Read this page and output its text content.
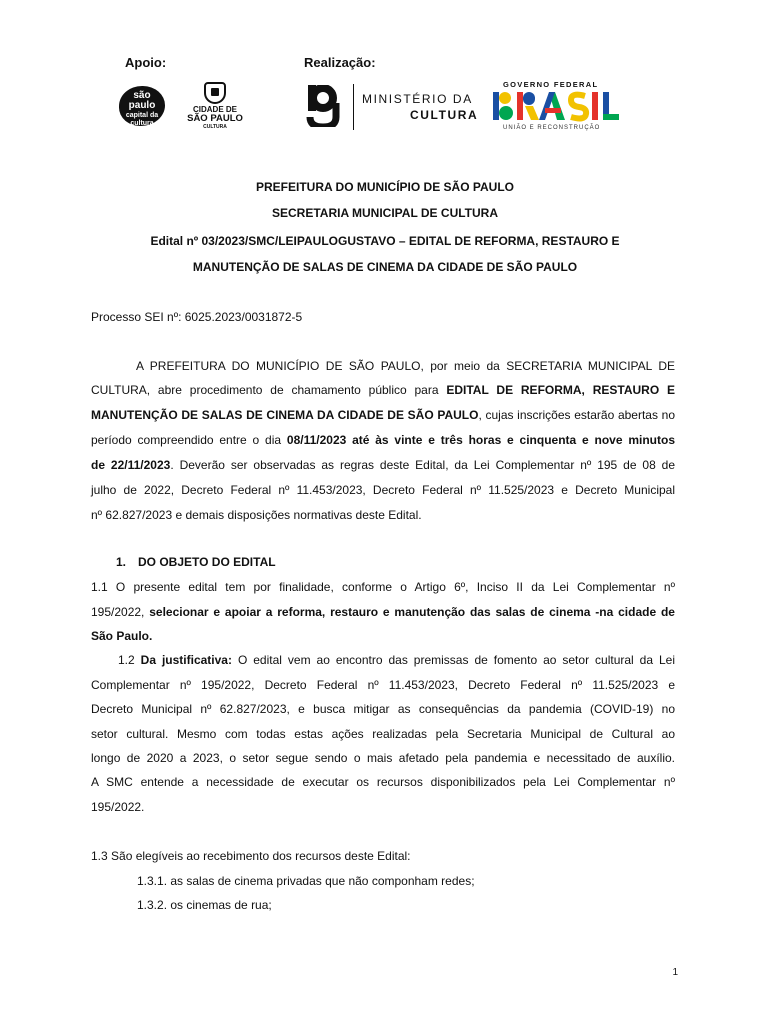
Apoio:	Realização:
são paulo
capital da
cultura
CIDADE DE
SÃO PAULO
CULTURA
MINISTÉRIO DA
CULTURA
GOVERNO FEDERAL
UNIÃO E RECONSTRUÇÃO
PREFEITURA DO MUNICÍPIO DE SÃO PAULO
SECRETARIA MUNICIPAL DE CULTURA
Edital nº 03/2023/SMC/LEIPAULOGUSTAVO – EDITAL DE REFORMA, RESTAURO E
MANUTENÇÃO DE SALAS DE CINEMA DA CIDADE DE SÃO PAULO
Processo SEI nº: 6025.2023/0031872-5
A PREFEITURA DO MUNICÍPIO DE SÃO PAULO, por meio da SECRETARIA MUNICIPAL DE
CULTURA, abre procedimento de chamamento público para EDITAL DE REFORMA, RESTAURO E
MANUTENÇÃO DE SALAS DE CINEMA DA CIDADE DE SÃO PAULO, cujas inscrições estarão abertas no
período compreendido entre o dia 08/11/2023 até às vinte e três horas e cinquenta e nove minutos
de 22/11/2023. Deverão ser observadas as regras deste Edital, da Lei Complementar nº 195 de 08 de
julho de 2022, Decreto Federal nº 11.453/2023, Decreto Federal nº 11.525/2023 e Decreto Municipal
nº 62.827/2023 e demais disposições normativas deste Edital.
1. DO OBJETO DO EDITAL
1.1 O presente edital tem por finalidade, conforme o Artigo 6º, Inciso II da Lei Complementar nº
195/2022, selecionar e apoiar a reforma, restauro e manutenção das salas de cinema -na cidade de
São Paulo.
1.2 Da justificativa: O edital vem ao encontro das premissas de fomento ao setor cultural da Lei
Complementar nº 195/2022, Decreto Federal nº 11.453/2023, Decreto Federal nº 11.525/2023 e
Decreto Municipal nº 62.827/2023, e busca mitigar as consequências da pandemia (COVID-19) no
setor cultural. Mesmo com todas estas ações realizadas pela Secretaria Municipal de Cultural ao
longo de 2020 a 2023, o setor segue sendo o mais afetado pela pandemia e necessitado de auxílio.
A SMC entende a necessidade de executar os recursos disponibilizados pela Lei Complementar nº
195/2022.
1.3 São elegíveis ao recebimento dos recursos deste Edital:
1.3.1. as salas de cinema privadas que não componham redes;
1.3.2. os cinemas de rua;
1
